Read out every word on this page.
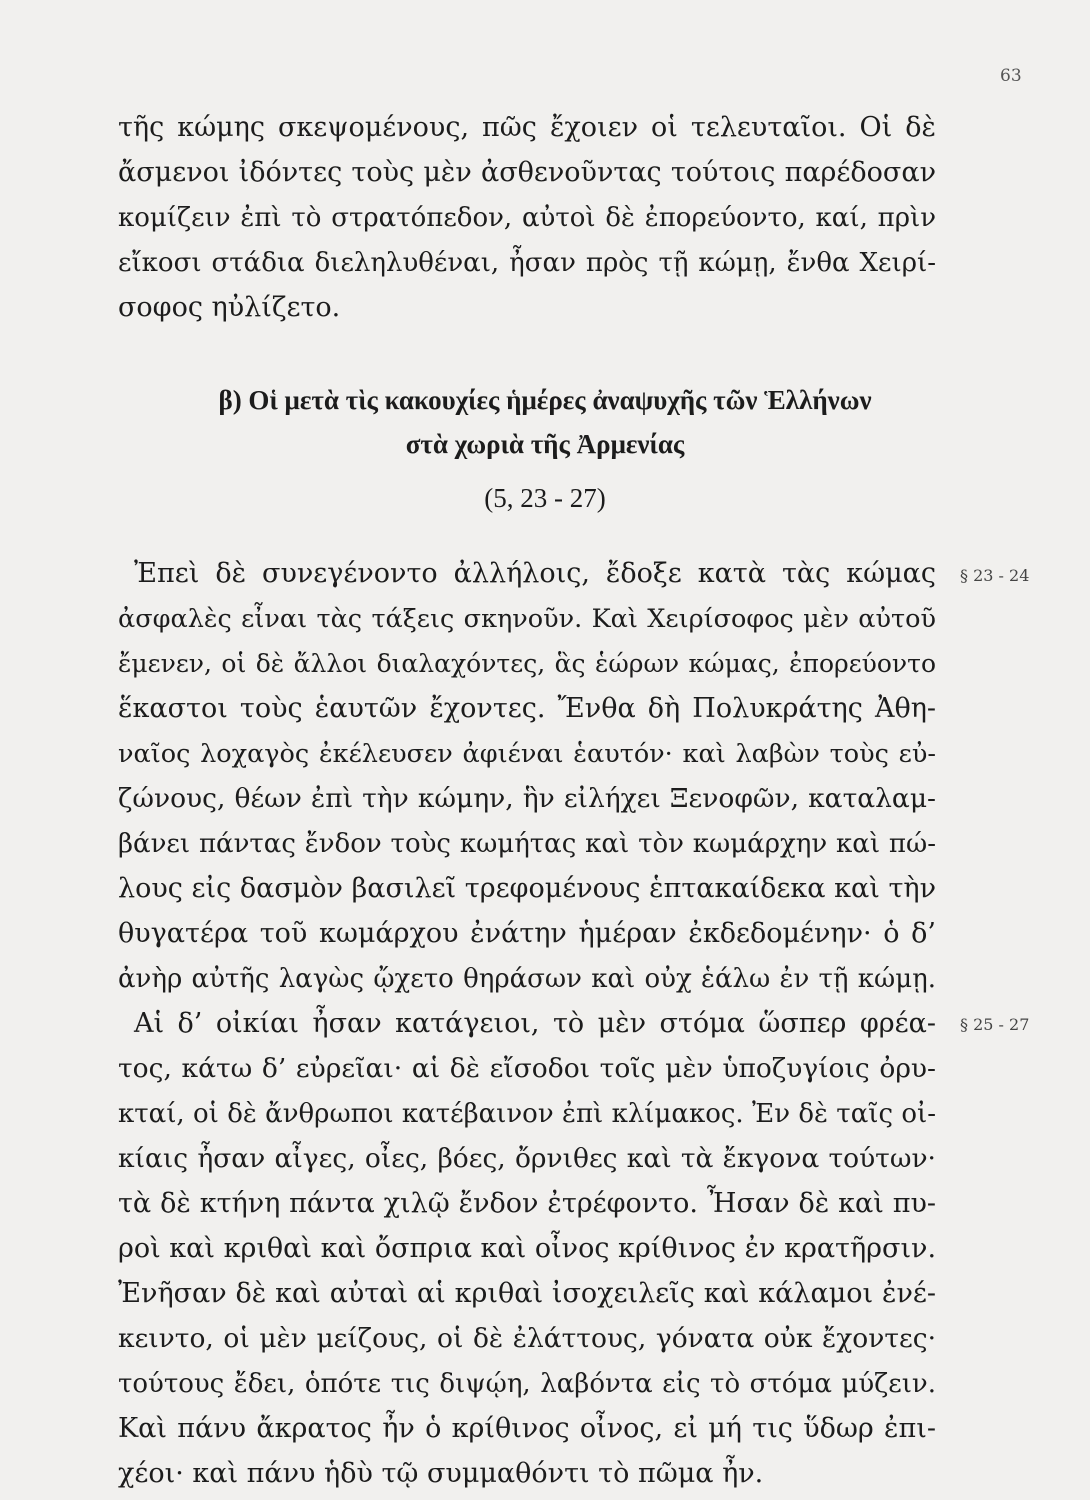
63
τῆς κώμης σκεψομένους, πῶς ἔχοιεν οἱ τελευταῖοι. Οἱ δὲ
ἄσμενοι ἰδόντες τοὺς μὲν ἀσθενοῦντας τούτοις παρέδοσαν
κομίζειν ἐπὶ τὸ στρατόπεδον, αὐτοὶ δὲ ἐπορεύοντο, καί, πρὶν
εἴκοσι στάδια διεληλυθέναι, ἦσαν πρὸς τῇ κώμῃ, ἔνθα Χειρί-
σοφος ηὐλίζετο.
β) Οἱ μετὰ τὶς κακουχίες ἡμέρες ἀναψυχῆς τῶν Ἑλλήνων
στὰ χωριὰ τῆς Ἀρμενίας
(5, 23 - 27)
§ 23 - 24
§ 25 - 27
Ἐπεὶ δὲ συνεγένοντο ἀλλήλοις, ἔδοξε κατὰ τὰς κώμας
ἀσφαλὲς εἶναι τὰς τάξεις σκηνοῦν. Καὶ Χειρίσοφος μὲν αὐτοῦ
ἔμενεν, οἱ δὲ ἄλλοι διαλαχόντες, ἃς ἑώρων κώμας, ἐπορεύοντο
ἕκαστοι τοὺς ἑαυτῶν ἔχοντες. Ἔνθα δὴ Πολυκράτης Ἀθη-
ναῖος λοχαγὸς ἐκέλευσεν ἀφιέναι ἑαυτόν· καὶ λαβὼν τοὺς εὐ-
ζώνους, θέων ἐπὶ τὴν κώμην, ἣν εἰλήχει Ξενοφῶν, καταλαμ-
βάνει πάντας ἔνδον τοὺς κωμήτας καὶ τὸν κωμάρχην καὶ πώ-
λους εἰς δασμὸν βασιλεῖ τρεφομένους ἑπτακαίδεκα καὶ τὴν
θυγατέρα τοῦ κωμάρχου ἐνάτην ἡμέραν ἐκδεδομένην· ὁ δ’
ἀνὴρ αὐτῆς λαγὼς ᾤχετο θηράσων καὶ οὐχ ἑάλω ἐν τῇ κώμῃ.
Αἱ δ’ οἰκίαι ἦσαν κατάγειοι, τὸ μὲν στόμα ὥσπερ φρέα-
τος, κάτω δ’ εὐρεῖαι· αἱ δὲ εἴσοδοι τοῖς μὲν ὑποζυγίοις ὀρυ-
κταί, οἱ δὲ ἄνθρωποι κατέβαινον ἐπὶ κλίμακος. Ἐν δὲ ταῖς οἰ-
κίαις ἦσαν αἶγες, οἶες, βόες, ὄρνιθες καὶ τὰ ἔκγονα τούτων·
τὰ δὲ κτήνη πάντα χιλῷ ἔνδον ἐτρέφοντο. Ἦσαν δὲ καὶ πυ-
ροὶ καὶ κριθαὶ καὶ ὄσπρια καὶ οἶνος κρίθινος ἐν κρατῆρσιν.
Ἐνῆσαν δὲ καὶ αὐταὶ αἱ κριθαὶ ἰσοχειλεῖς καὶ κάλαμοι ἐνέ-
κειντο, οἱ μὲν μείζους, οἱ δὲ ἐλάττους, γόνατα οὐκ ἔχοντες·
τούτους ἔδει, ὁπότε τις διψῴη, λαβόντα εἰς τὸ στόμα μύζειν.
Καὶ πάνυ ἄκρατος ἦν ὁ κρίθινος οἶνος, εἰ μή τις ὕδωρ ἐπι-
χέοι· καὶ πάνυ ἡδὺ τῷ συμμαθόντι τὸ πῶμα ἦν.
